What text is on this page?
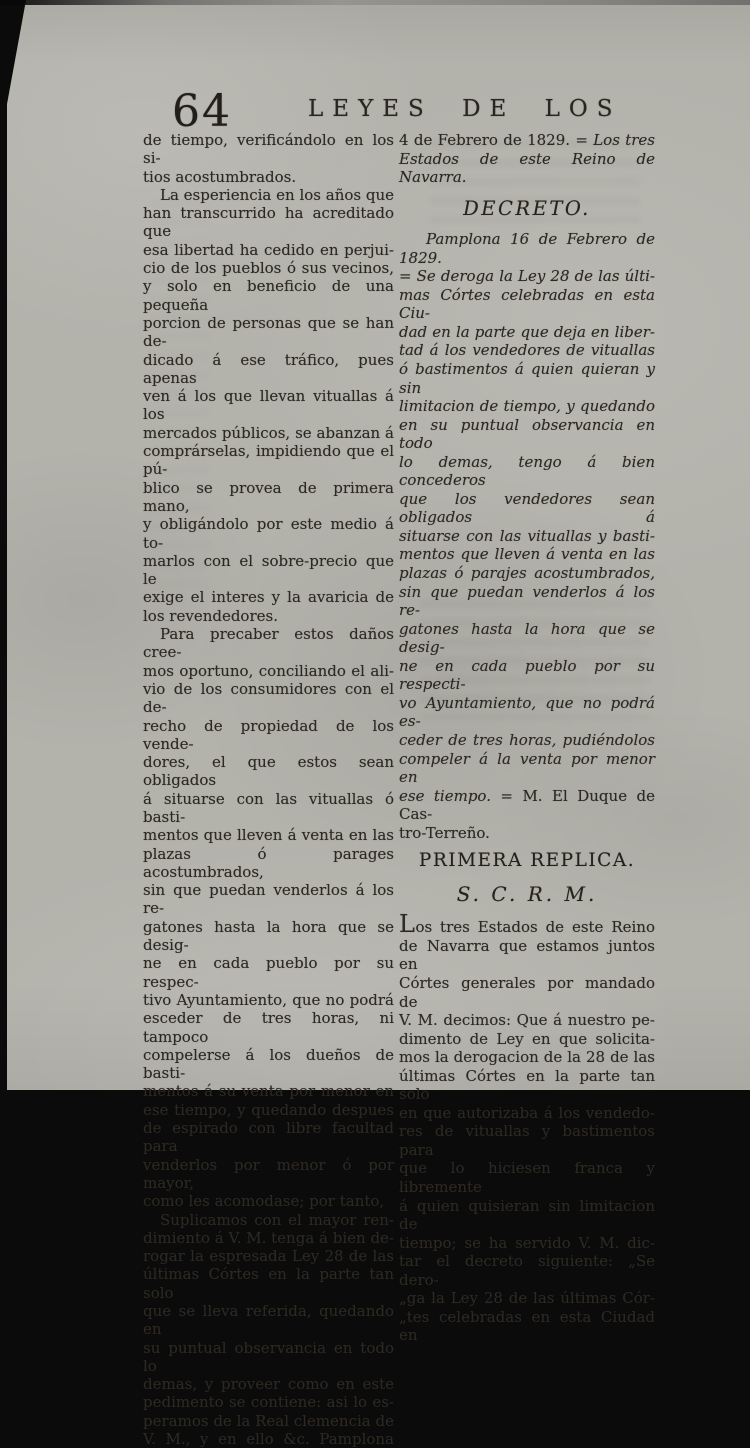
64	LEYES DE LOS
de tiempo, verificándolo en los si-
tios acostumbrados.
La esperiencia en los años que
han transcurrido ha acreditado que
esa libertad ha cedido en perjui-
cio de los pueblos ó sus vecinos,
y solo en beneficio de una pequeña
porcion de personas que se han de-
dicado á ese tráfico, pues apenas
ven á los que llevan vituallas á los
mercados públicos, se abanzan á
comprárselas, impidiendo que el pú-
blico se provea de primera mano,
y obligándolo por este medio á to-
marlos con el sobre-precio que le
exige el interes y la avaricia de
los revendedores.
Para precaber estos daños cree-
mos oportuno, conciliando el ali-
vio de los consumidores con el de-
recho de propiedad de los vende-
dores, el que estos sean obligados
á situarse con las vituallas ó basti-
mentos que lleven á venta en las
plazas ó parages acostumbrados,
sin que puedan venderlos á los re-
gatones hasta la hora que se desig-
ne en cada pueblo por su respec-
tivo Ayuntamiento, que no podrá
esceder de tres horas, ni tampoco
compelerse á los dueños de basti-
mentos á su venta por menor en
ese tiempo, y quedando despues
de espirado con libre facultad para
venderlos por menor ó por mayor,
como les acomodase; por tanto,
Suplicamos con el mayor ren-
dimiento á V. M. tenga á bien de-
rogar la espresada Ley 28 de las
últimas Córtes en la parte tan solo
que se lleva referida, quedando en
su puntual observancia en todo lo
demas, y proveer como en este
pedimento se contiene: asi lo es-
peramos de la Real clemencia de
V. M., y en ello &c. Pamplona
4 de Febrero de 1829. = Los tres
Estados de este Reino de Navarra.
DECRETO.
Pamplona 16 de Febrero de 1829.
= Se deroga la Ley 28 de las últi-
mas Córtes celebradas en esta Ciu-
dad en la parte que deja en liber-
tad á los vendedores de vituallas
ó bastimentos á quien quieran y sin
limitacion de tiempo, y quedando
en su puntual observancia en todo
lo demas, tengo á bien concederos
que los vendedores sean obligados á
situarse con las vituallas y basti-
mentos que lleven á venta en las
plazas ó parajes acostumbrados,
sin que puedan venderlos á los re-
gatones hasta la hora que se desig-
ne en cada pueblo por su respecti-
vo Ayuntamiento, que no podrá es-
ceder de tres horas, pudiéndolos
compeler á la venta por menor en
ese tiempo. = M. El Duque de Cas-
tro-Terreño.
PRIMERA REPLICA.
S. C. R. M.
Los tres Estados de este Reino
de Navarra que estamos juntos en
Córtes generales por mandado de
V. M. decimos: Que á nuestro pe-
dimento de Ley en que solicita-
mos la derogacion de la 28 de las
últimas Córtes en la parte tan solo
en que autorizaba á los vendedo-
res de vituallas y bastimentos para
que lo hiciesen franca y libremente
á quien quisieran sin limitacion de
tiempo; se ha servido V. M. dic-
tar el decreto siguiente: „Se dero-
„ga la Ley 28 de las últimas Cór-
„tes celebradas en esta Ciudad en
